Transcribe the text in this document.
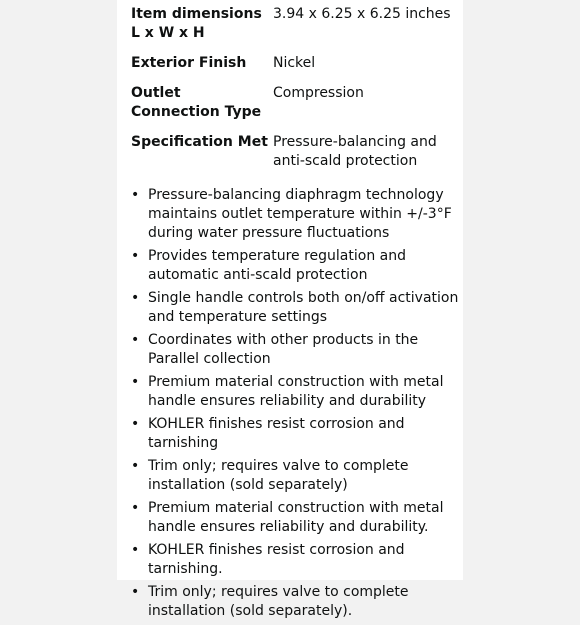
Item dimensions L x W x H
3.94 x 6.25 x 6.25 inches
Exterior Finish	Nickel
Outlet Connection Type
Compression
Specification Met Pressure-balancing and anti-scald protection
• Pressure-balancing diaphragm technology maintains outlet temperature within +/-3°F during water pressure fluctuations
• Provides temperature regulation and automatic anti-scald protection
• Single handle controls both on/off activation and temperature settings
• Coordinates with other products in the Parallel collection
• Premium material construction with metal handle ensures reliability and durability
• KOHLER finishes resist corrosion and tarnishing
• Trim only; requires valve to complete installation (sold separately)
• Premium material construction with metal handle ensures reliability and durability.
• KOHLER finishes resist corrosion and tarnishing.
• Trim only; requires valve to complete installation (sold separately).
